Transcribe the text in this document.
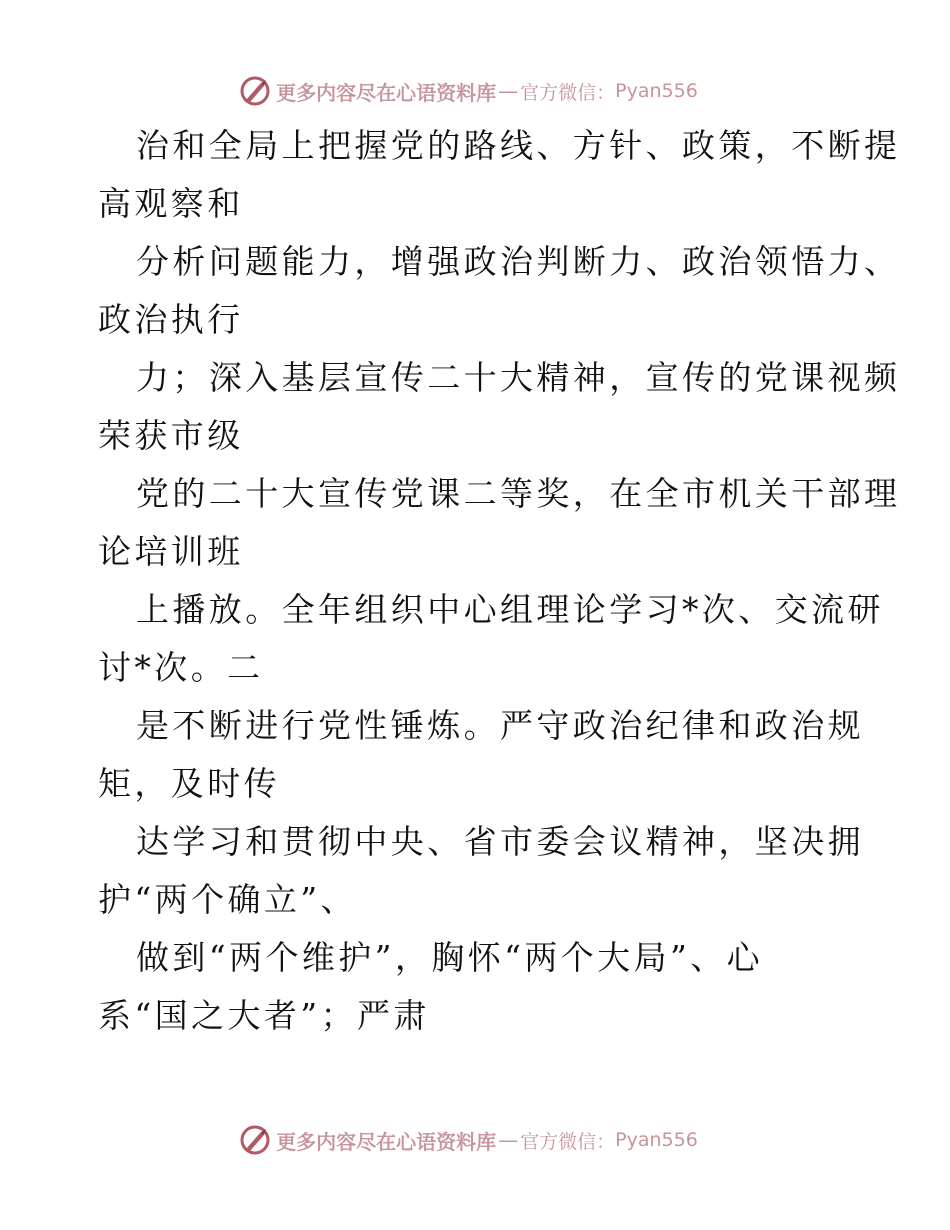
更多内容尽在心语资料库 — 官方微信： Pyan556
治和全局上把握党的路线、方针、政策，不断提
高观察和
分析问题能力，增强政治判断力、政治领悟力、
政治执行
力；深入基层宣传二十大精神，宣传的党课视频
荣获市级
党的二十大宣传党课二等奖，在全市机关干部理
论培训班
上播放。全年组织中心组理论学习*次、交流研
讨*次。二
是不断进行党性锤炼。严守政治纪律和政治规
矩，及时传
达学习和贯彻中央、省市委会议精神，坚决拥
护“两个确立”、
做到“两个维护”，胸怀“两个大局”、心
系“国之大者”；严肃
更多内容尽在心语资料库 — 官方微信： Pyan556
